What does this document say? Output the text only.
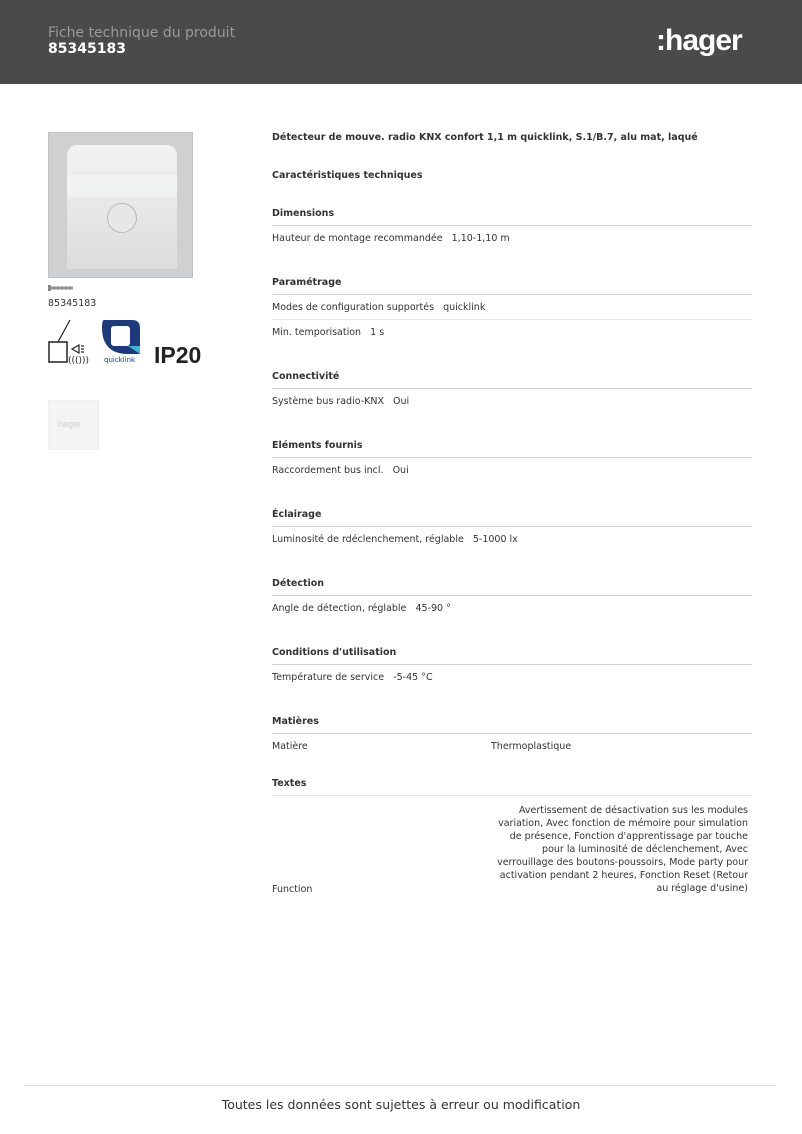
Fiche technique du produit
85345183	:hager
85345183
((())) quicklink IP20
hager
Détecteur de mouve. radio KNX confort 1,1 m quicklink, S.1/B.7, alu mat, laqué
Caractéristiques techniques
Dimensions
Hauteur de montage recommandée   1,10-1,10 m
Paramétrage
Modes de configuration supportés   quicklink
Min. temporisation   1 s
Connectivité
Système bus radio-KNX   Oui
Eléments fournis
Raccordement bus incl.   Oui
Éclairage
Luminosité de rdéclenchement, réglable   5-1000 lx
Détection
Angle de détection, réglable   45-90 °
Conditions d'utilisation
Température de service   -5-45 °C
Matières
Matière	Thermoplastique
Textes
Function
Avertissement de désactivation sus les modules variation, Avec fonction de mémoire pour simulation de présence, Fonction d'apprentissage par touche pour la luminosité de déclenchement, Avec verrouillage des boutons-poussoirs, Mode party pour activation pendant 2 heures, Fonction Reset (Retour au réglage d'usine)
Toutes les données sont sujettes à erreur ou modification
